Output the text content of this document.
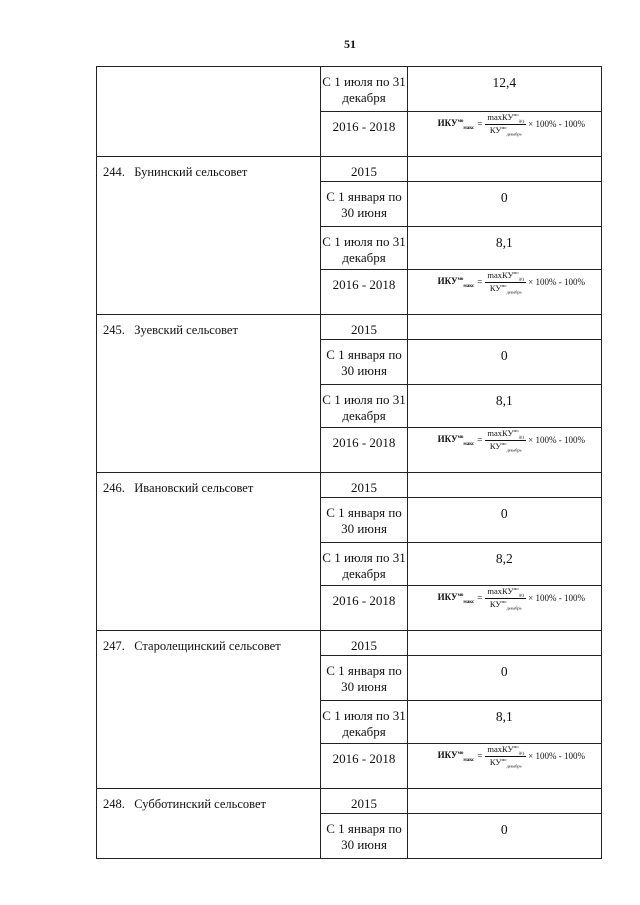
51

	С 1 июля по 31 декабря	12,4

	2016 - 2018	$ИКУ^{мо}_{макс} = \frac{\max КУ^{мо}_{i(t)}}{КУ^{мо}_{декабрь}} \times 100\% - 100\%$

244.   Бунинский сельсовет	2015	

	С 1 января по 30 июня	0

	С 1 июля по 31 декабря	8,1

	2016 - 2018	$ИКУ^{мо}_{макс} = \frac{\max КУ^{мо}_{i(t)}}{КУ^{мо}_{декабрь}} \times 100\% - 100\%$

245.   Зуевский сельсовет	2015	

	С 1 января по 30 июня	0

	С 1 июля по 31 декабря	8,1

	2016 - 2018	$ИКУ^{мо}_{макс} = \frac{\max КУ^{мо}_{i(t)}}{КУ^{мо}_{декабрь}} \times 100\% - 100\%$

246.   Ивановский сельсовет	2015	

	С 1 января по 30 июня	0

	С 1 июля по 31 декабря	8,2

	2016 - 2018	$ИКУ^{мо}_{макс} = \frac{\max КУ^{мо}_{i(t)}}{КУ^{мо}_{декабрь}} \times 100\% - 100\%$

247.   Старолещинский сельсовет	2015	

	С 1 января по 30 июня	0

	С 1 июля по 31 декабря	8,1

	2016 - 2018	$ИКУ^{мо}_{макс} = \frac{\max КУ^{мо}_{i(t)}}{КУ^{мо}_{декабрь}} \times 100\% - 100\%$

248.   Субботинский сельсовет	2015	

	С 1 января по 30 июня	0
